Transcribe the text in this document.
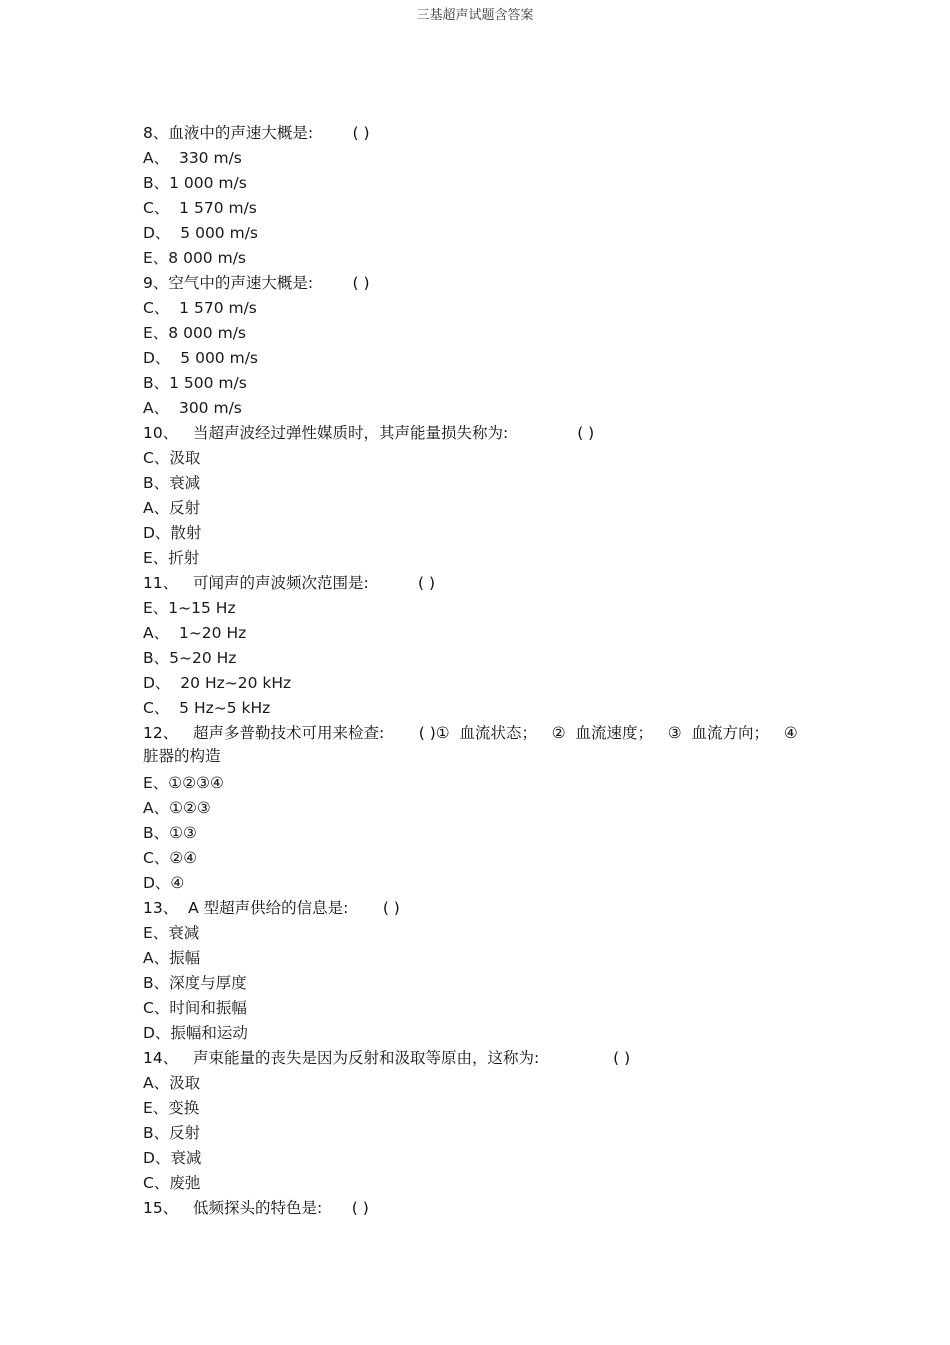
三基超声试题含答案
8、血液中的声速大概是:        ( )
A、  330 m/s
B、1 000 m/s
C、  1 570 m/s
D、  5 000 m/s
E、8 000 m/s
9、空气中的声速大概是:        ( )
C、  1 570 m/s
E、8 000 m/s
D、  5 000 m/s
B、1 500 m/s
A、  300 m/s
10、   当超声波经过弹性媒质时，其声能量损失称为:              ( )
C、汲取
B、衰减
A、反射
D、散射
E、折射
11、   可闻声的声波频次范围是:          ( )
E、1~15 Hz
A、  1~20 Hz
B、5~20 Hz
D、  20 Hz~20 kHz
C、  5 Hz~5 kHz
12、   超声多普勒技术可用来检查:       ( )①  血流状态；   ②  血流速度；   ③  血流方向；   ④  脏器的构造
E、①②③④
A、①②③
B、①③
C、②④
D、④
13、  A 型超声供给的信息是:       ( )
E、衰减
A、振幅
B、深度与厚度
C、时间和振幅
D、振幅和运动
14、   声束能量的丧失是因为反射和汲取等原由，这称为:               ( )
A、汲取
E、变换
B、反射
D、衰减
C、废弛
15、   低频探头的特色是:      ( )
